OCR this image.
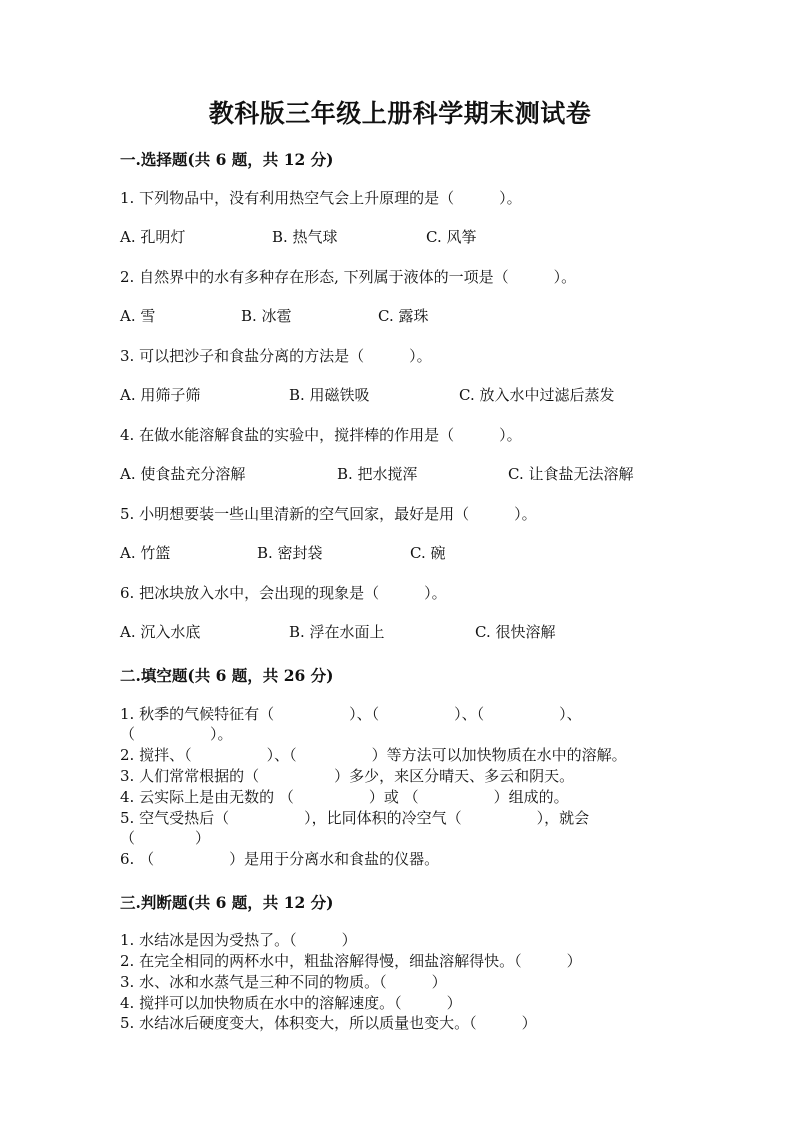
教科版三年级上册科学期末测试卷
一.选择题(共 6 题，共 12 分)
1. 下列物品中，没有利用热空气会上升原理的是（　　　）。
A. 孔明灯	B. 热气球	C. 风筝
2. 自然界中的水有多种存在形态, 下列属于液体的一项是（　　　）。
A. 雪	B. 冰雹	C. 露珠
3. 可以把沙子和食盐分离的方法是（　　　）。
A. 用筛子筛	B. 用磁铁吸	C. 放入水中过滤后蒸发
4. 在做水能溶解食盐的实验中，搅拌棒的作用是（　　　）。
A. 使食盐充分溶解	B. 把水搅浑	C. 让食盐无法溶解
5. 小明想要装一些山里清新的空气回家，最好是用（　　　）。
A. 竹篮	B. 密封袋	C. 碗
6. 把冰块放入水中，会出现的现象是（　　　）。
A. 沉入水底	B. 浮在水面上	C. 很快溶解
二.填空题(共 6 题，共 26 分)
1. 秋季的气候特征有（　　　　　）、（　　　　　）、（　　　　　）、
（　　　　　）。
2. 搅拌、（　　　　　）、（　　　　　）等方法可以加快物质在水中的溶解。
3. 人们常常根据的（　　　　　）多少，来区分晴天、多云和阴天。
4. 云实际上是由无数的 （　　　　　）或 （　　　　　）组成的。
5. 空气受热后（　　　　　），比同体积的冷空气（　　　　　），就会
（　　　　）
6. （　　　　　）是用于分离水和食盐的仪器。
三.判断题(共 6 题，共 12 分)
1. 水结冰是因为受热了。（　　　）
2. 在完全相同的两杯水中，粗盐溶解得慢，细盐溶解得快。（　　　）
3. 水、冰和水蒸气是三种不同的物质。（　　　）
4. 搅拌可以加快物质在水中的溶解速度。（　　　）
5. 水结冰后硬度变大，体积变大，所以质量也变大。（　　　）
